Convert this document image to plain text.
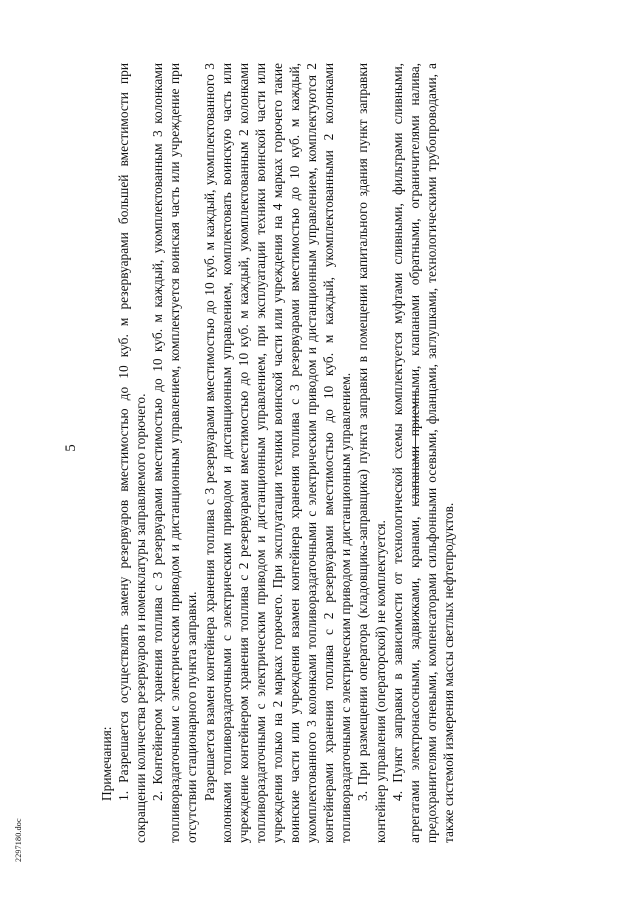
5

Примечания: 1. Разрешается осуществлять замену резервуаров вместимостью до 10 куб. м резервуарами большей вместимости при сокращении количества резервуаров и номенклатуры заправляемого горючего. 2. Контейнером хранения топлива с 3 резервуарами вместимостью до 10 куб. м каждый, укомплектованным 3 колонками топливораздаточными с электрическим приводом и дистанционным управлением, комплектуется воинская часть или учреждение при отсутствии стационарного пункта заправки. Разрешается взамен контейнера хранения топлива с 3 резервуарами вместимостью до 10 куб. м каждый, укомплектованного 3 колонками топливораздаточными с электрическим приводом и дистанционным управлением, комплектовать воинскую часть или учреждение контейнером хранения топлива с 2 резервуарами вместимостью до 10 куб. м каждый, укомплектованным 2 колонками топливораздаточными с электрическим приводом и дистанционным управлением, при эксплуатации техники воинской части или учреждения только на 2 марках горючего. При эксплуатации техники воинской части или учреждения на 4 марках горючего такие воинские части или учреждения взамен контейнера хранения топлива с 3 резервуарами вместимостью до 10 куб. м каждый, укомплектованного 3 колонками топливораздаточными с электрическим приводом и дистанционным управлением, комплектуются 2 контейнерами хранения топлива с 2 резервуарами вместимостью до 10 куб. м каждый, укомплектованными 2 колонками топливораздаточными с электрическим приводом и дистанционным управлением. 3. При размещении оператора (кладовщика-заправщика) пункта заправки в помещении капитального здания пункт заправки контейнер управления (операторской) не комплектуется. 4. Пункт заправки в зависимости от технологической схемы комплектуется муфтами сливными, фильтрами сливными, агрегатами электронасосными, задвижками, кранами, клапанами приемными, клапанами обратными, ограничителями налива, предохранителями огневыми, компенсаторами сильфонными осевыми, фланцами, заглушками, технологическими трубопроводами, а также системой измерения массы светлых нефтепродуктов.

2297180.doc
